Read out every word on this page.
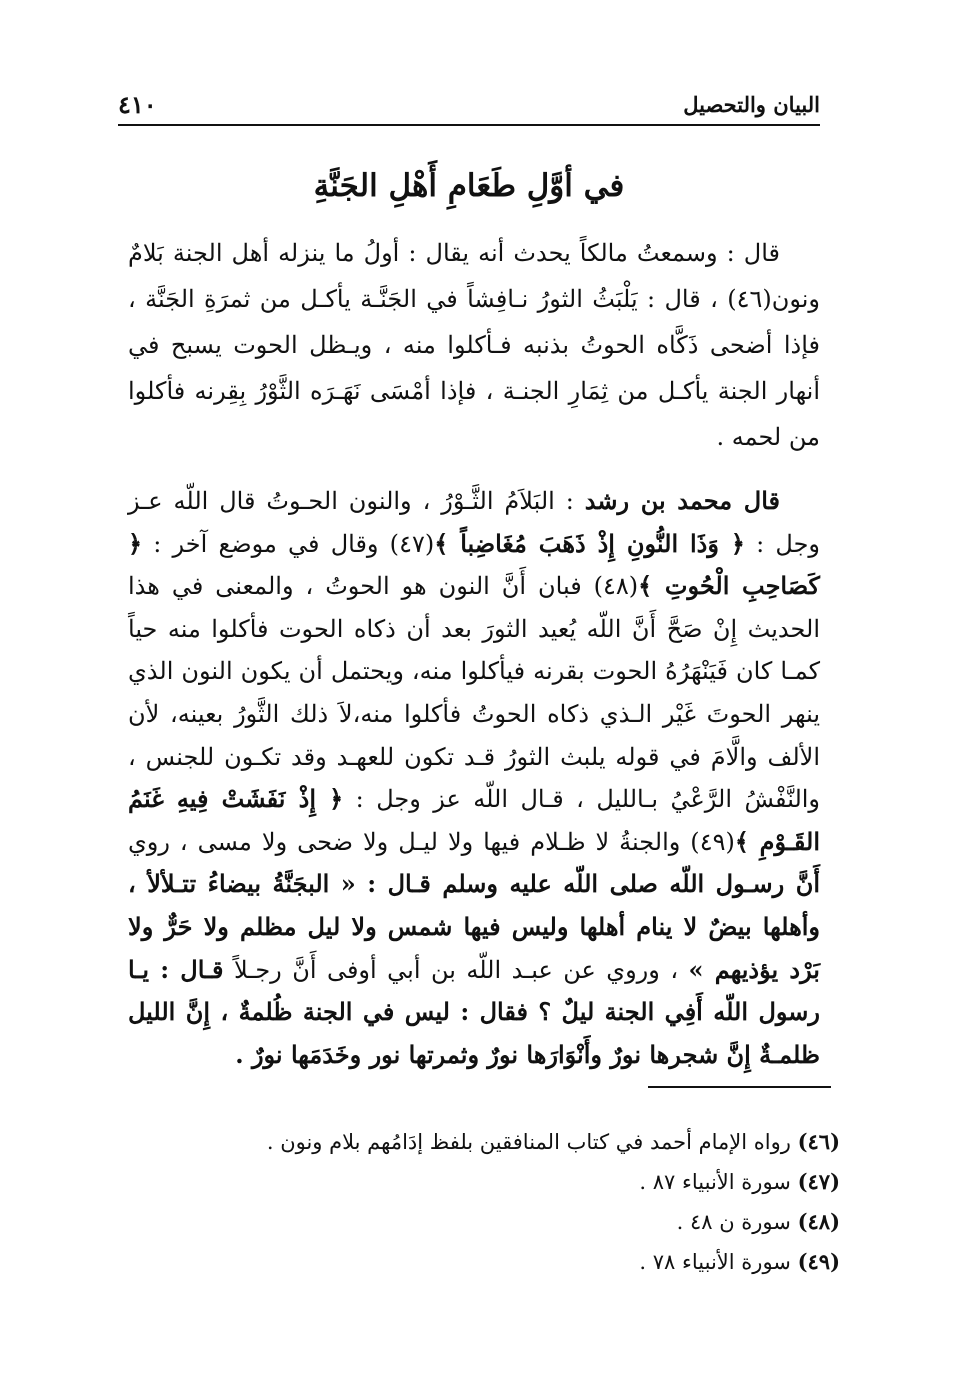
البيان والتحصيل
٤١٠
في أوَّلِ طَعَامِ أَهْلِ الجَنَّةِ

قال : وسمعتُ مالكاً يحدث أنه يقال : أولُ ما ينزله أهل الجنة بَلامٌ ونون(٤٦) ، قال : يَلْبَثُ الثورُ نـافِشاً في الجَنَّـة يأكـل من ثمرَةِ الجَنَّة ، فإذا أضحى ذَكَّاه الحوتُ بذنبه فـأكلوا منه ، ويـظل الحوت يسبح في أنهار الجنة يأكـل من ثِمَارِ الجنـة ، فإذا أمْسَى نَهَـرَه الثَّوْرُ بِقِرنه فأكلوا من لحمه .

قال محمد بن رشد : البَلاَمُ الثَّـوْرُ ، والنون الحـوتُ قال اللّه عـز وجل : ﴿ وَذَا النُّونِ إِذْ ذَهَبَ مُغَاضِباً ﴾(٤٧) وقال في موضع آخر : ﴿ كَصَاحِبِ الْحُوتِ ﴾(٤٨) فبان أَنَّ النون هو الحوتُ ، والمعنى في هذا الحديث إِنْ صَحَّ أَنَّ اللّه يُعيد الثورَ بعد أن ذكاه الحوت فأكلوا منه حياً كمـا كان فَيَنْهَرُهُ الحوت بقرنه فيأكلوا منه، ويحتمل أن يكون النون الذي ينهر الحوتَ غَيْر الـذي ذكاه الحوتُ فأكلوا منه،لاَ ذلك الثَّورُ بعينه، لأن الألف والَّامَ في قوله يلبث الثورُ قـد تكون للعهـد وقد تكـون للجنس ، والنَّفْشُ الرَّعْيُ بـالليل ، قـال اللّه عز وجل : ﴿ إِذْ نَفَشَتْ فِيهِ غَنَمُ القَـوْمِ ﴾(٤٩) والجنةُ لا ظـلام فيها ولا ليـل ولا ضحى ولا مسى ، روي أَنَّ رسـول اللّه صلى اللّه عليه وسلم قـال : « البجَنَّةُ بيضاءُ تتـلألأ ، وأهلها بيضٌ لا ينام أهلها وليس فيها شمس ولا ليل مظلم ولا حَرٌّ ولا بَرْد يؤذيهم » ، وروي عن عبـد اللّه بن أبي أوفى أَنَّ رجـلاً قـال : يـا رسول اللّه أَفِي الجنة ليلٌ ؟ فقال : ليس في الجنة ظُلمةٌ ، إِنَّ الليل ظلمـةٌ إِنَّ شجرها نورٌ وأَنْوَارَها نورٌ وثمرتها نور وخَدَمَها نورٌ .

(٤٦) رواه الإمام أحمد في كتاب المنافقين بلفظ إدَامُهم بلام ونون .
(٤٧) سورة الأنبياء ٨٧ .
(٤٨) سورة ن ٤٨ .
(٤٩) سورة الأنبياء ٧٨ .
